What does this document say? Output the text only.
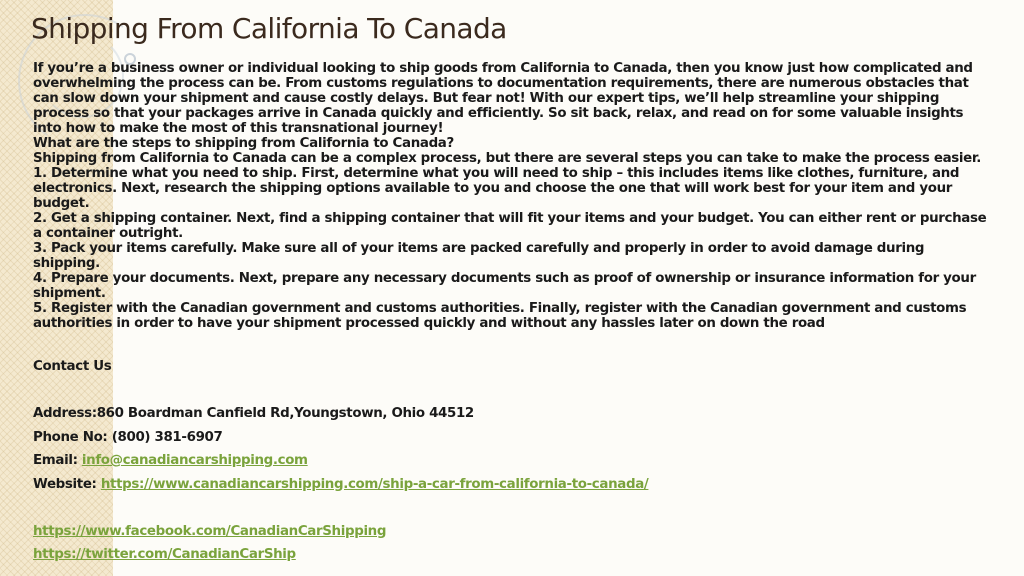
Shipping From California To Canada

If you’re a business owner or individual looking to ship goods from California to Canada, then you know just how complicated and overwhelming the process can be. From customs regulations to documentation requirements, there are numerous obstacles that can slow down your shipment and cause costly delays. But fear not! With our expert tips, we’ll help streamline your shipping process so that your packages arrive in Canada quickly and efficiently. So sit back, relax, and read on for some valuable insights into how to make the most of this transnational journey!

What are the steps to shipping from California to Canada?

Shipping from California to Canada can be a complex process, but there are several steps you can take to make the process easier.

1. Determine what you need to ship. First, determine what you will need to ship – this includes items like clothes, furniture, and electronics. Next, research the shipping options available to you and choose the one that will work best for your item and your budget.

2. Get a shipping container. Next, find a shipping container that will fit your items and your budget. You can either rent or purchase a container outright.

3. Pack your items carefully. Make sure all of your items are packed carefully and properly in order to avoid damage during shipping.

4. Prepare your documents. Next, prepare any necessary documents such as proof of ownership or insurance information for your shipment.

5. Register with the Canadian government and customs authorities. Finally, register with the Canadian government and customs authorities in order to have your shipment processed quickly and without any hassles later on down the road

Contact Us

Address:860 Boardman Canfield Rd,Youngstown, Ohio 44512

Phone No: (800) 381-6907

Email: info@canadiancarshipping.com

Website: https://www.canadiancarshipping.com/ship-a-car-from-california-to-canada/

https://www.facebook.com/CanadianCarShipping

https://twitter.com/CanadianCarShip
